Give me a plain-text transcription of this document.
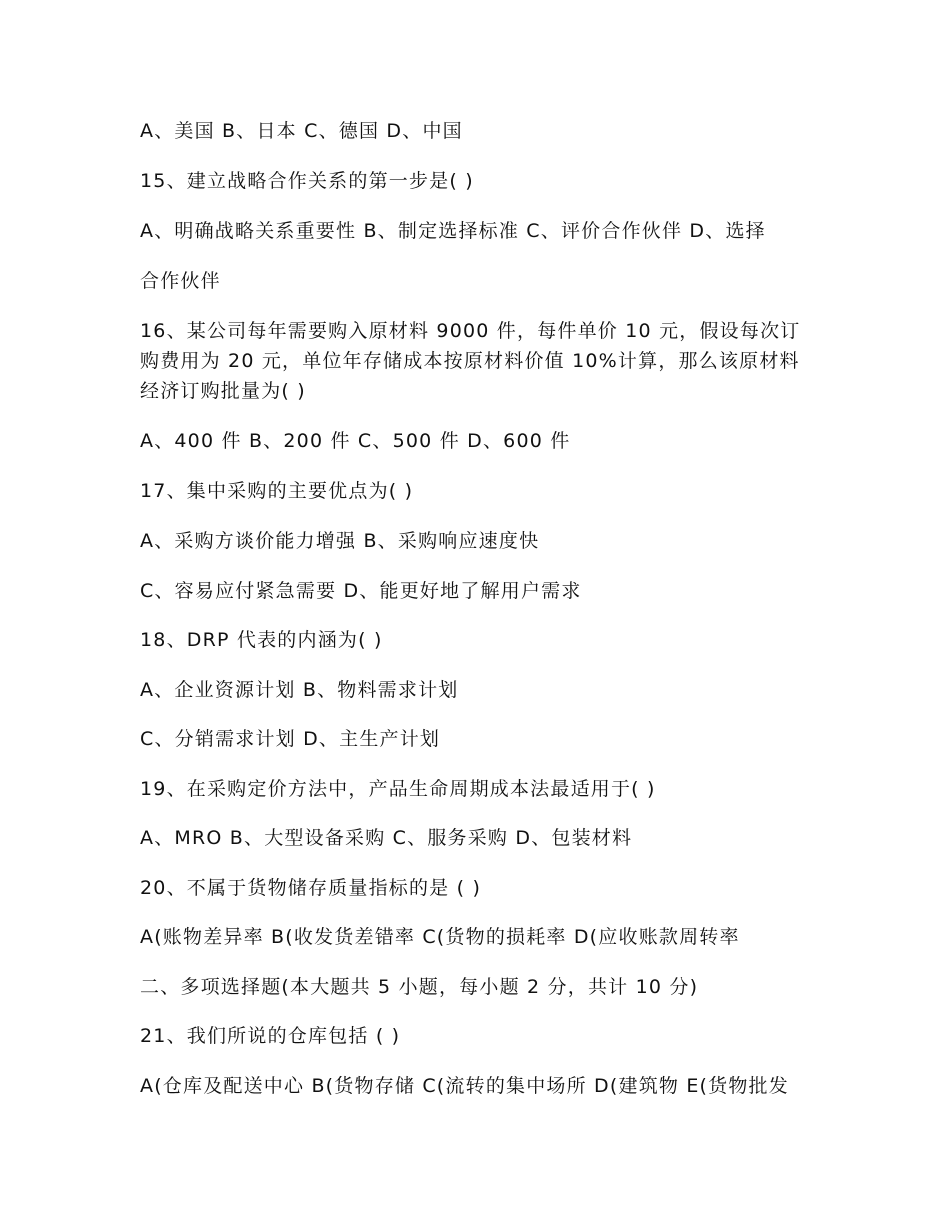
A、美国 B、日本 C、德国 D、中国
15、建立战略合作关系的第一步是( )
A、明确战略关系重要性 B、制定选择标准 C、评价合作伙伴 D、选择
合作伙伴
16、某公司每年需要购入原材料 9000 件，每件单价 10 元，假设每次订
购费用为 20 元，单位年存储成本按原材料价值 10%计算，那么该原材料
经济订购批量为( )
A、400 件 B、200 件 C、500 件 D、600 件
17、集中采购的主要优点为( )
A、采购方谈价能力增强 B、采购响应速度快
C、容易应付紧急需要 D、能更好地了解用户需求
18、DRP 代表的内涵为( )
A、企业资源计划 B、物料需求计划
C、分销需求计划 D、主生产计划
19、在采购定价方法中，产品生命周期成本法最适用于( )
A、MRO B、大型设备采购 C、服务采购 D、包装材料
20、不属于货物储存质量指标的是 ( )
A(账物差异率 B(收发货差错率 C(货物的损耗率 D(应收账款周转率
二、多项选择题(本大题共 5 小题，每小题 2 分，共计 10 分)
21、我们所说的仓库包括 ( )
A(仓库及配送中心 B(货物存储 C(流转的集中场所 D(建筑物 E(货物批发
